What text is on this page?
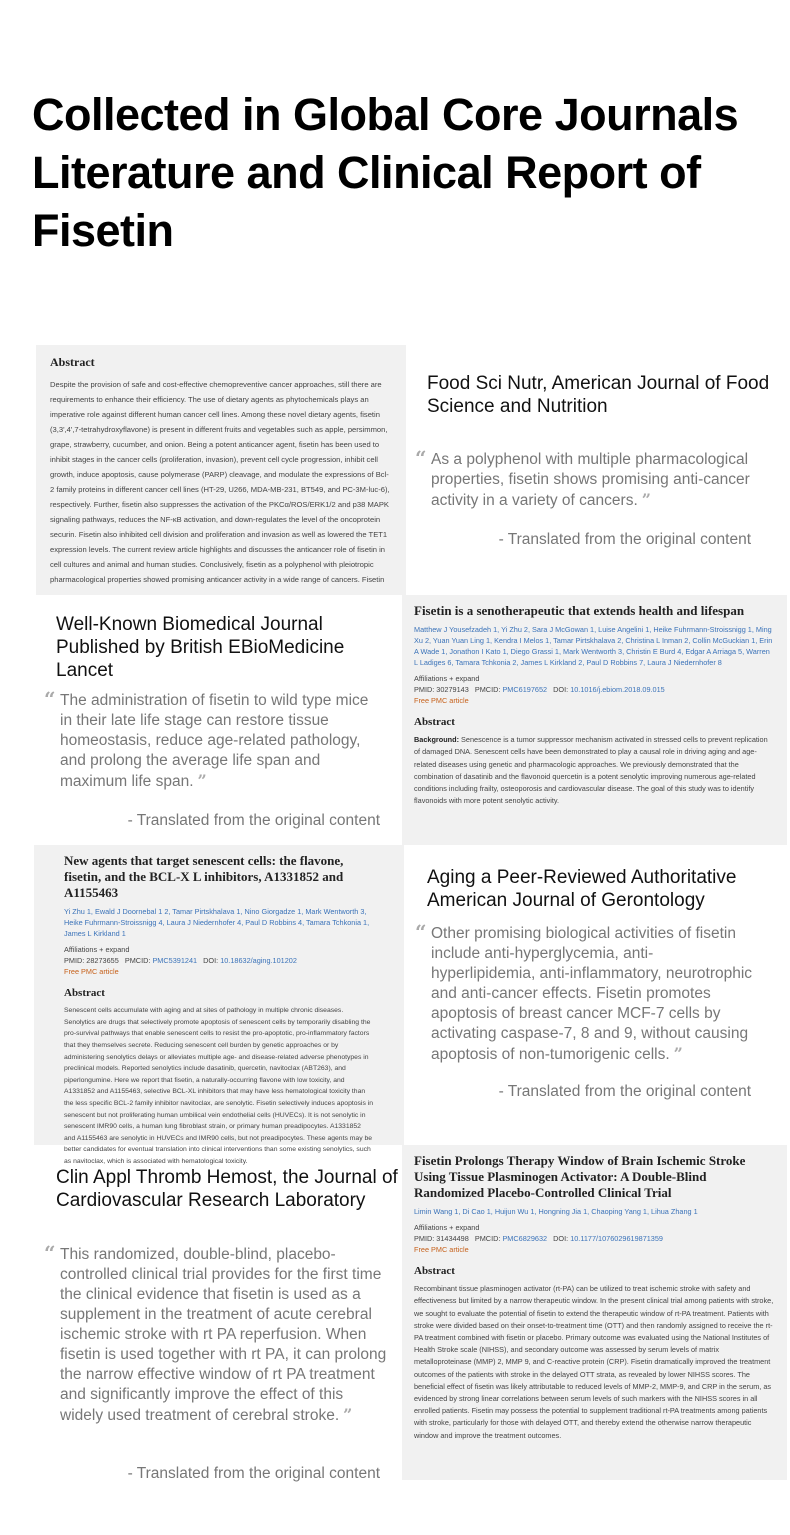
Collected in Global Core Journals Literature and Clinical Report of Fisetin
Abstract

Despite the provision of safe and cost-effective chemopreventive cancer approaches, still there are requirements to enhance their efficiency. The use of dietary agents as phytochemicals plays an imperative role against different human cancer cell lines. Among these novel dietary agents, fisetin (3,3',4',7-tetrahydroxyflavone) is present in different fruits and vegetables such as apple, persimmon, grape, strawberry, cucumber, and onion. Being a potent anticancer agent, fisetin has been used to inhibit stages in the cancer cells (proliferation, invasion), prevent cell cycle progression, inhibit cell growth, induce apoptosis, cause polymerase (PARP) cleavage, and modulate the expressions of Bcl-2 family proteins in different cancer cell lines (HT-29, U266, MDA-MB-231, BT549, and PC-3M-luc-6), respectively. Further, fisetin also suppresses the activation of the PKCα/ROS/ERK1/2 and p38 MAPK signaling pathways, reduces the NF-κB activation, and down-regulates the level of the oncoprotein securin. Fisetin also inhibited cell division and proliferation and invasion as well as lowered the TET1 expression levels. The current review article highlights and discusses the anticancer role of fisetin in cell cultures and animal and human studies. Conclusively, fisetin as a polyphenol with pleiotropic pharmacological properties showed promising anticancer activity in a wide range of cancers. Fisetin

Food Sci Nutr, American Journal of Food Science and Nutrition
“ As a polyphenol with multiple pharmacological properties, fisetin shows promising anti-cancer activity in a variety of cancers. ”
- Translated from the original content
Well-Known Biomedical Journal Published by British EBioMedicine Lancet
“ The administration of fisetin to wild type mice in their late life stage can restore tissue homeostasis, reduce age-related pathology, and prolong the average life span and maximum life span. ”
- Translated from the original content
Fisetin is a senotherapeutic that extends health and lifespan
Matthew J Yousefzadeh 1, Yi Zhu 2, Sara J McGowan 1, Luise Angelini 1, Heike Fuhrmann-Stroissnigg 1, Ming Xu 2, Yuan Yuan Ling 1, Kendra I Melos 1, Tamar Pirtskhalava 2, Christina L Inman 2, Collin McGuckian 1, Erin A Wade 1, Jonathon I Kato 1, Diego Grassi 1, Mark Wentworth 3, Christin E Burd 4, Edgar A Arriaga 5, Warren L Ladiges 6, Tamara Tchkonia 2, James L Kirkland 2, Paul D Robbins 7, Laura J Niedernhofer 8
Affiliations + expand
PMID: 30279143 PMCID: PMC6197652 DOI: 10.1016/j.ebiom.2018.09.015
Free PMC article
Abstract

Background: Senescence is a tumor suppressor mechanism activated in stressed cells to prevent replication of damaged DNA. Senescent cells have been demonstrated to play a causal role in driving aging and age-related diseases using genetic and pharmacologic approaches. We previously demonstrated that the combination of dasatinib and the flavonoid quercetin is a potent senolytic improving numerous age-related conditions including frailty, osteoporosis and cardiovascular disease. The goal of this study was to identify flavonoids with more potent senolytic activity.

New agents that target senescent cells: the flavone, fisetin, and the BCL-X L inhibitors, A1331852 and A1155463
Yi Zhu 1, Ewald J Doornebal 1 2, Tamar Pirtskhalava 1, Nino Giorgadze 1, Mark Wentworth 3, Heike Fuhrmann-Stroissnigg 4, Laura J Niedernhofer 4, Paul D Robbins 4, Tamara Tchkonia 1, James L Kirkland 1
Affiliations + expand
PMID: 28273655 PMCID: PMC5391241 DOI: 10.18632/aging.101202
Free PMC article
Abstract

Senescent cells accumulate with aging and at sites of pathology in multiple chronic diseases. Senolytics are drugs that selectively promote apoptosis of senescent cells by temporarily disabling the pro-survival pathways that enable senescent cells to resist the pro-apoptotic, pro-inflammatory factors that they themselves secrete. Reducing senescent cell burden by genetic approaches or by administering senolytics delays or alleviates multiple age- and disease-related adverse phenotypes in preclinical models. Reported senolytics include dasatinib, quercetin, navitoclax (ABT263), and piperlongumine. Here we report that fisetin, a naturally-occurring flavone with low toxicity, and A1331852 and A1155463, selective BCL-XL inhibitors that may have less hematological toxicity than the less specific BCL-2 family inhibitor navitoclax, are senolytic. Fisetin selectively induces apoptosis in senescent but not proliferating human umbilical vein endothelial cells (HUVECs). It is not senolytic in senescent IMR90 cells, a human lung fibroblast strain, or primary human preadipocytes. A1331852 and A1155463 are senolytic in HUVECs and IMR90 cells, but not preadipocytes. These agents may be better candidates for eventual translation into clinical interventions than some existing senolytics, such as navitoclax, which is associated with hematological toxicity.

Aging a Peer-Reviewed Authoritative American Journal of Gerontology
“ Other promising biological activities of fisetin include anti-hyperglycemia, anti-hyperlipidemia, anti-inflammatory, neurotrophic and anti-cancer effects. Fisetin promotes apoptosis of breast cancer MCF-7 cells by activating caspase-7, 8 and 9, without causing apoptosis of non-tumorigenic cells. ”
- Translated from the original content
Clin Appl Thromb Hemost, the Journal of Cardiovascular Research Laboratory
“ This randomized, double-blind, placebo-controlled clinical trial provides for the first time the clinical evidence that fisetin is used as a supplement in the treatment of acute cerebral ischemic stroke with rt PA reperfusion. When fisetin is used together with rt PA, it can prolong the narrow effective window of rt PA treatment and significantly improve the effect of this widely used treatment of cerebral stroke. ”
- Translated from the original content
Fisetin Prolongs Therapy Window of Brain Ischemic Stroke Using Tissue Plasminogen Activator: A Double-Blind Randomized Placebo-Controlled Clinical Trial
Limin Wang 1, Di Cao 1, Huijun Wu 1, Hongning Jia 1, Chaoping Yang 1, Lihua Zhang 1
Affiliations + expand
PMID: 31434498 PMCID: PMC6829632 DOI: 10.1177/1076029619871359
Free PMC article
Abstract

Recombinant tissue plasminogen activator (rt-PA) can be utilized to treat ischemic stroke with safety and effectiveness but limited by a narrow therapeutic window. In the present clinical trial among patients with stroke, we sought to evaluate the potential of fisetin to extend the therapeutic window of rt-PA treatment. Patients with stroke were divided based on their onset-to-treatment time (OTT) and then randomly assigned to receive the rt-PA treatment combined with fisetin or placebo. Primary outcome was evaluated using the National Institutes of Health Stroke scale (NIHSS), and secondary outcome was assessed by serum levels of matrix metalloproteinase (MMP) 2, MMP 9, and C-reactive protein (CRP). Fisetin dramatically improved the treatment outcomes of the patients with stroke in the delayed OTT strata, as revealed by lower NIHSS scores. The beneficial effect of fisetin was likely attributable to reduced levels of MMP-2, MMP-9, and CRP in the serum, as evidenced by strong linear correlations between serum levels of such markers with the NIHSS scores in all enrolled patients. Fisetin may possess the potential to supplement traditional rt-PA treatments among patients with stroke, particularly for those with delayed OTT, and thereby extend the otherwise narrow therapeutic window and improve the treatment outcomes.
